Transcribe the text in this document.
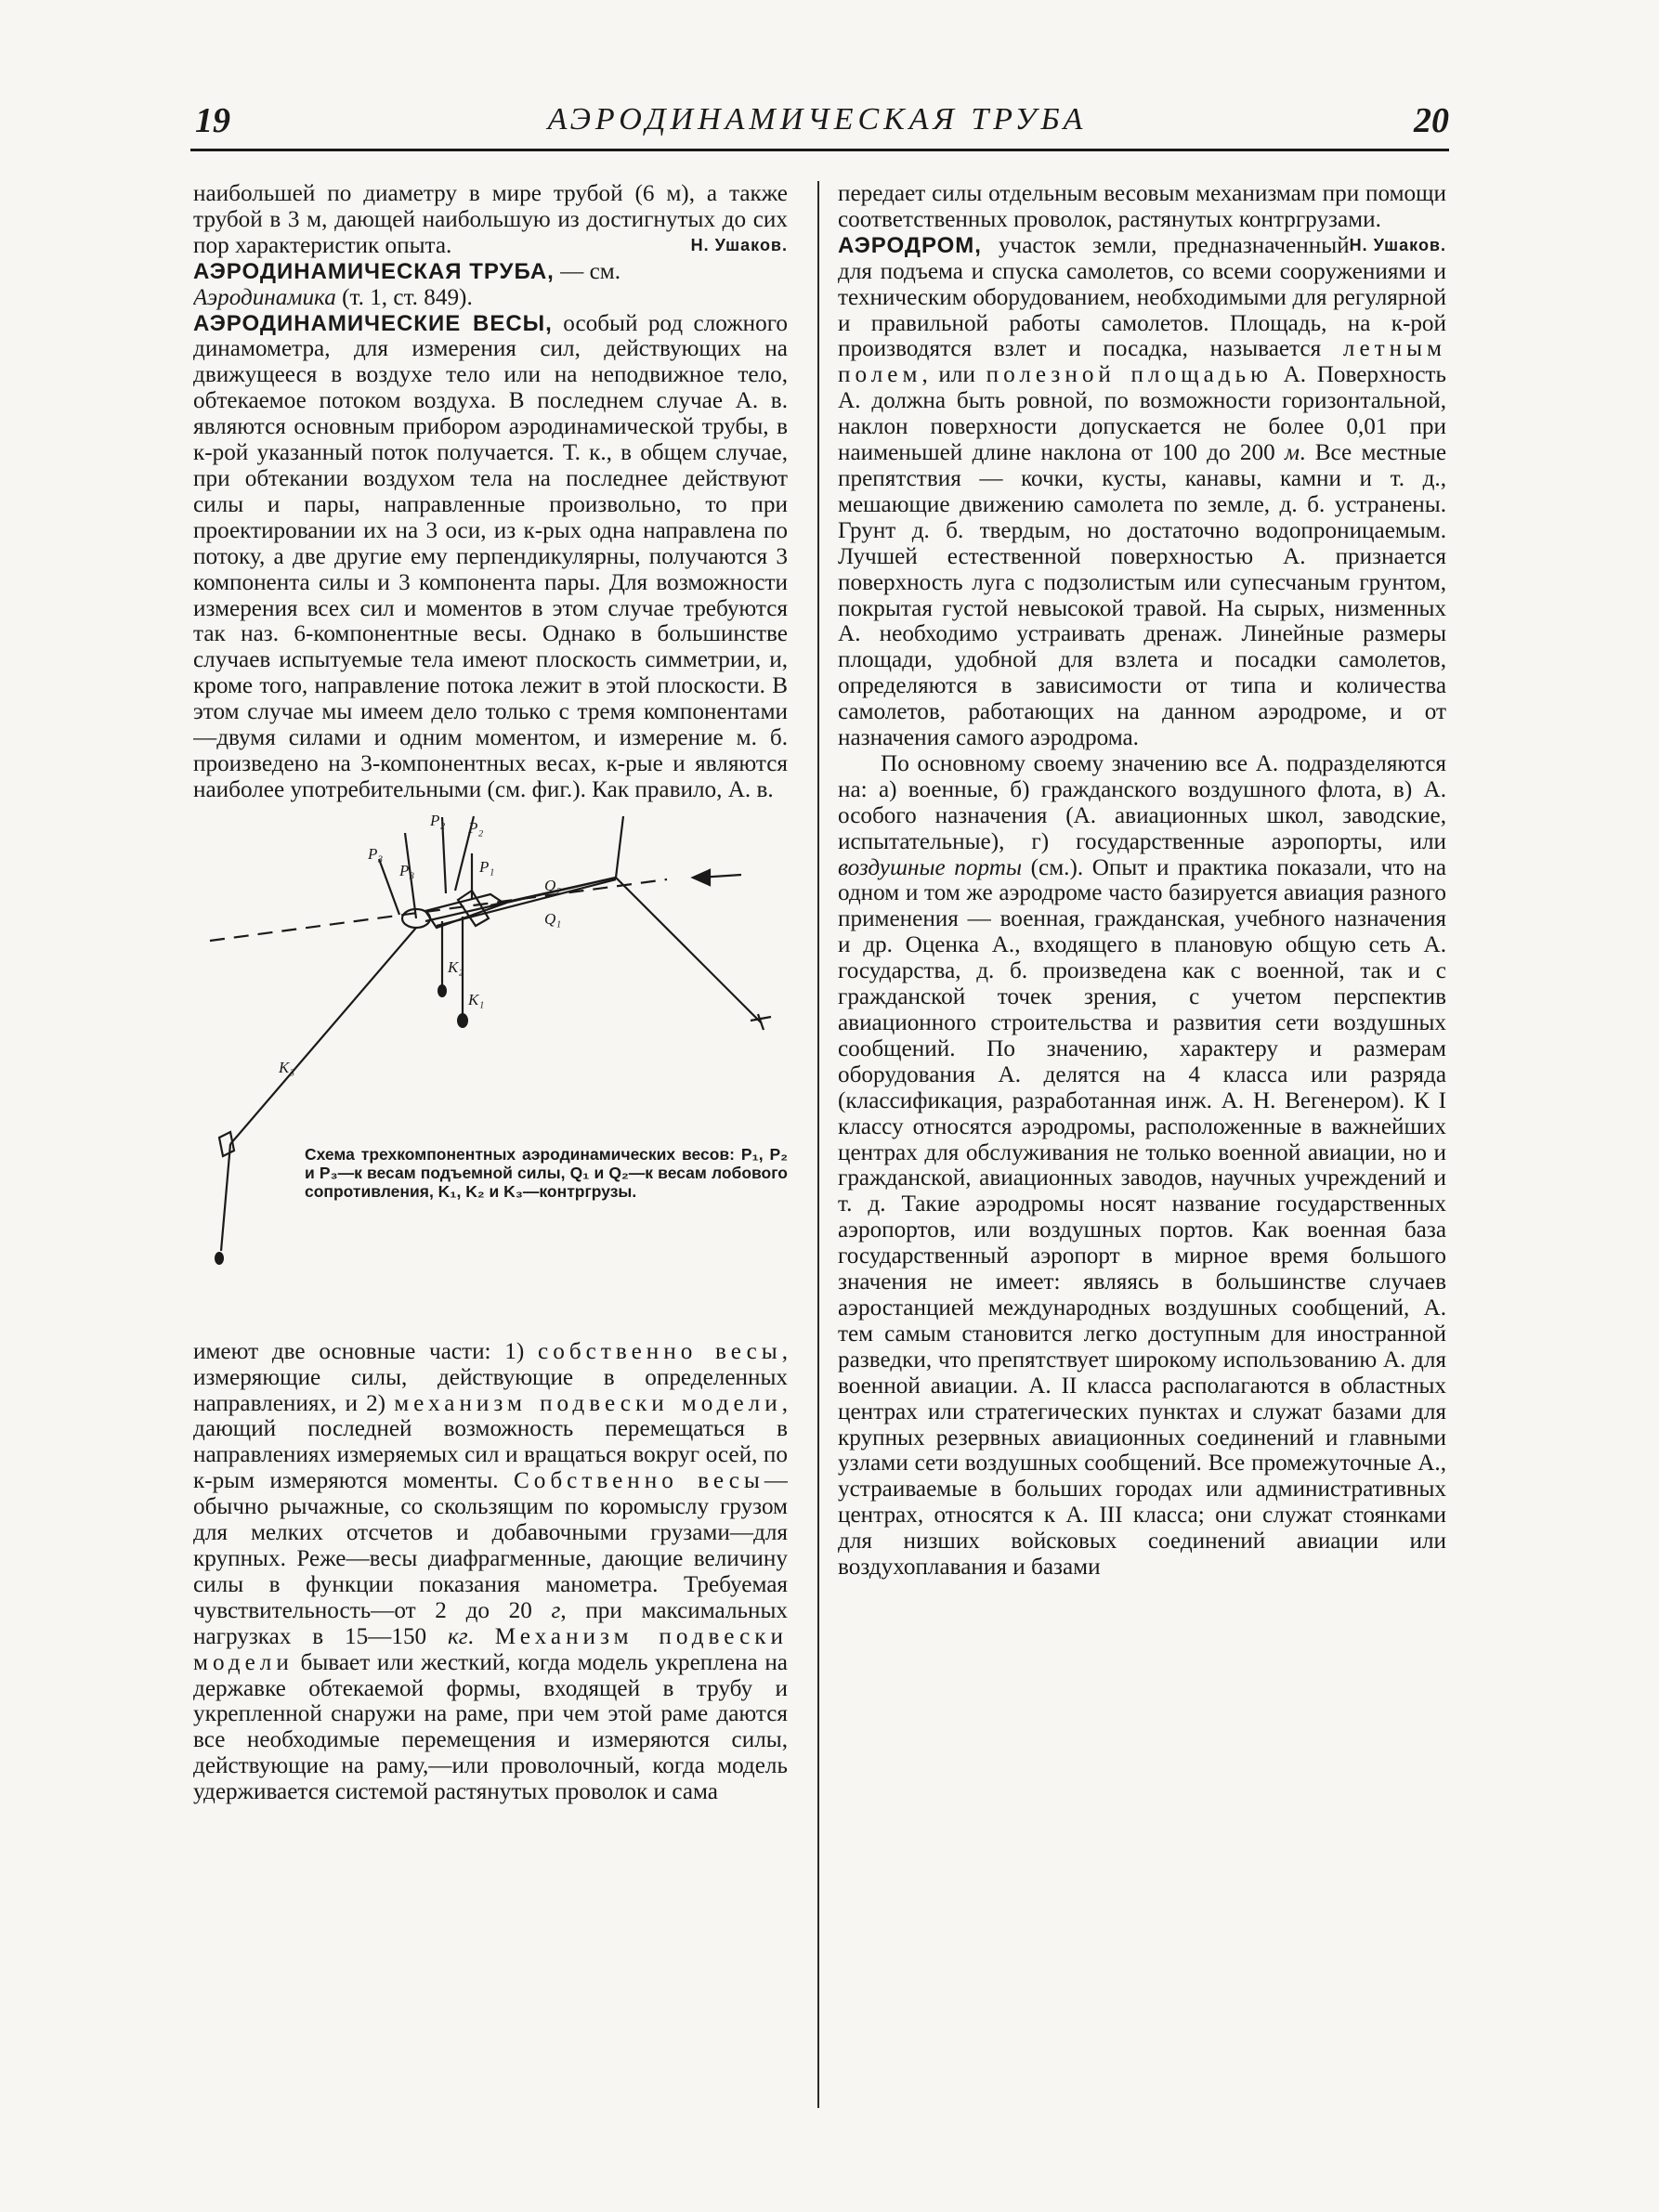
19	АЭРОДИНАМИЧЕСКАЯ ТРУБА	20

наибольшей по диаметру в мире трубой (6 м), а также трубой в 3 м, дающей наибольшую из достигнутых до сих пор характеристик опыта.	Н. Ушаков.

АЭРОДИНАМИЧЕСКАЯ ТРУБА, — см.
Аэродинамика (т. 1, ст. 849).

АЭРОДИНАМИЧЕСКИЕ ВЕСЫ, особый род сложного динамометра, для измерения сил, действующих на движущееся в воздухе тело или на неподвижное тело, обтекаемое потоком воздуха. В последнем случае А. в. являются основным прибором аэродинамической трубы, в к-рой указанный поток получается. Т. к., в общем случае, при обтекании воздухом тела на последнее действуют силы и пары, направленные произвольно, то при проектировании их на 3 оси, из к-рых одна направлена по потоку, а две другие ему перпендикулярны, получаются 3 компонента силы и 3 компонента пары. Для возможности измерения всех сил и моментов в этом случае требуются так наз. 6-компонентные весы. Однако в большинстве случаев испытуемые тела имеют плоскость симметрии, и, кроме того, направление потока лежит в этой плоскости. В этом случае мы имеем дело только с тремя компонентами—двумя силами и одним моментом, и измерение м. б. произведено на 3-компонентных весах, к-рые и являются наиболее употребительными (см. фиг.). Как правило, А. в.

P₂ P₂
P₃
P₃	P₁
Q₂
Q₁
K₂
K₁
K₃
Схема трехкомпонентных аэродинамических весов: P₁, P₂ и P₃—к весам подъемной силы, Q₁ и Q₂—к весам лобового сопротивления, K₁, K₂ и K₃—контргрузы.

имеют две основные части: 1) собственно весы, измеряющие силы, действующие в определенных направлениях, и 2) механизм подвески модели, дающий последней возможность перемещаться в направлениях измеряемых сил и вращаться вокруг осей, по к-рым измеряются моменты. Собственно весы—обычно рычажные, со скользящим по коромыслу грузом для мелких отсчетов и добавочными грузами—для крупных. Реже—весы диафрагменные, дающие величину силы в функции показания манометра. Требуемая чувствительность—от 2 до 20 г, при максимальных нагрузках в 15—150 кг. Механизм подвески модели бывает или жесткий, когда модель укреплена на державке обтекаемой формы, входящей в трубу и укрепленной снаружи на раме, при чем этой раме даются все необходимые перемещения и измеряются силы, действующие на раму,—или проволочный, когда модель удерживается системой растянутых проволок и сама

передает силы отдельным весовым механизмам при помощи соответственных проволок, растянутых контргрузами.
Н. Ушаков.

АЭРОДРОМ, участок земли, предназначенный для подъема и спуска самолетов, со всеми сооружениями и техническим оборудованием, необходимыми для регулярной и правильной работы самолетов. Площадь, на к-рой производятся взлет и посадка, называется летным полем, или полезной площадью А. Поверхность А. должна быть ровной, по возможности горизонтальной, наклон поверхности допускается не более 0,01 при наименьшей длине наклона от 100 до 200 м. Все местные препятствия — кочки, кусты, канавы, камни и т. д., мешающие движению самолета по земле, д. б. устранены. Грунт д. б. твердым, но достаточно водопроницаемым. Лучшей естественной поверхностью А. признается поверхность луга с подзолистым или супесчаным грунтом, покрытая густой невысокой травой. На сырых, низменных А. необходимо устраивать дренаж. Линейные размеры площади, удобной для взлета и посадки самолетов, определяются в зависимости от типа и количества самолетов, работающих на данном аэродроме, и от назначения самого аэродрома.

По основному своему значению все А. подразделяются на: а) военные, б) гражданского воздушного флота, в) А. особого назначения (А. авиационных школ, заводские, испытательные), г) государственные аэропорты, или воздушные порты (см.). Опыт и практика показали, что на одном и том же аэродроме часто базируется авиация разного применения — военная, гражданская, учебного назначения и др. Оценка А., входящего в плановую общую сеть А. государства, д. б. произведена как с военной, так и с гражданской точек зрения, с учетом перспектив авиационного строительства и развития сети воздушных сообщений. По значению, характеру и размерам оборудования А. делятся на 4 класса или разряда (классификация, разработанная инж. А. Н. Вегенером). К I классу относятся аэродромы, расположенные в важнейших центрах для обслуживания не только военной авиации, но и гражданской, авиационных заводов, научных учреждений и т. д. Такие аэродромы носят название государственных аэропортов, или воздушных портов. Как военная база государственный аэропорт в мирное время большого значения не имеет: являясь в большинстве случаев аэростанцией международных воздушных сообщений, А. тем самым становится легко доступным для иностранной разведки, что препятствует широкому использованию А. для военной авиации. А. II класса располагаются в областных центрах или стратегических пунктах и служат базами для крупных резервных авиационных соединений и главными узлами сети воздушных сообщений. Все промежуточные А., устраиваемые в больших городах или административных центрах, относятся к А. III класса; они служат стоянками для низших войсковых соединений авиации или воздухоплавания и базами
